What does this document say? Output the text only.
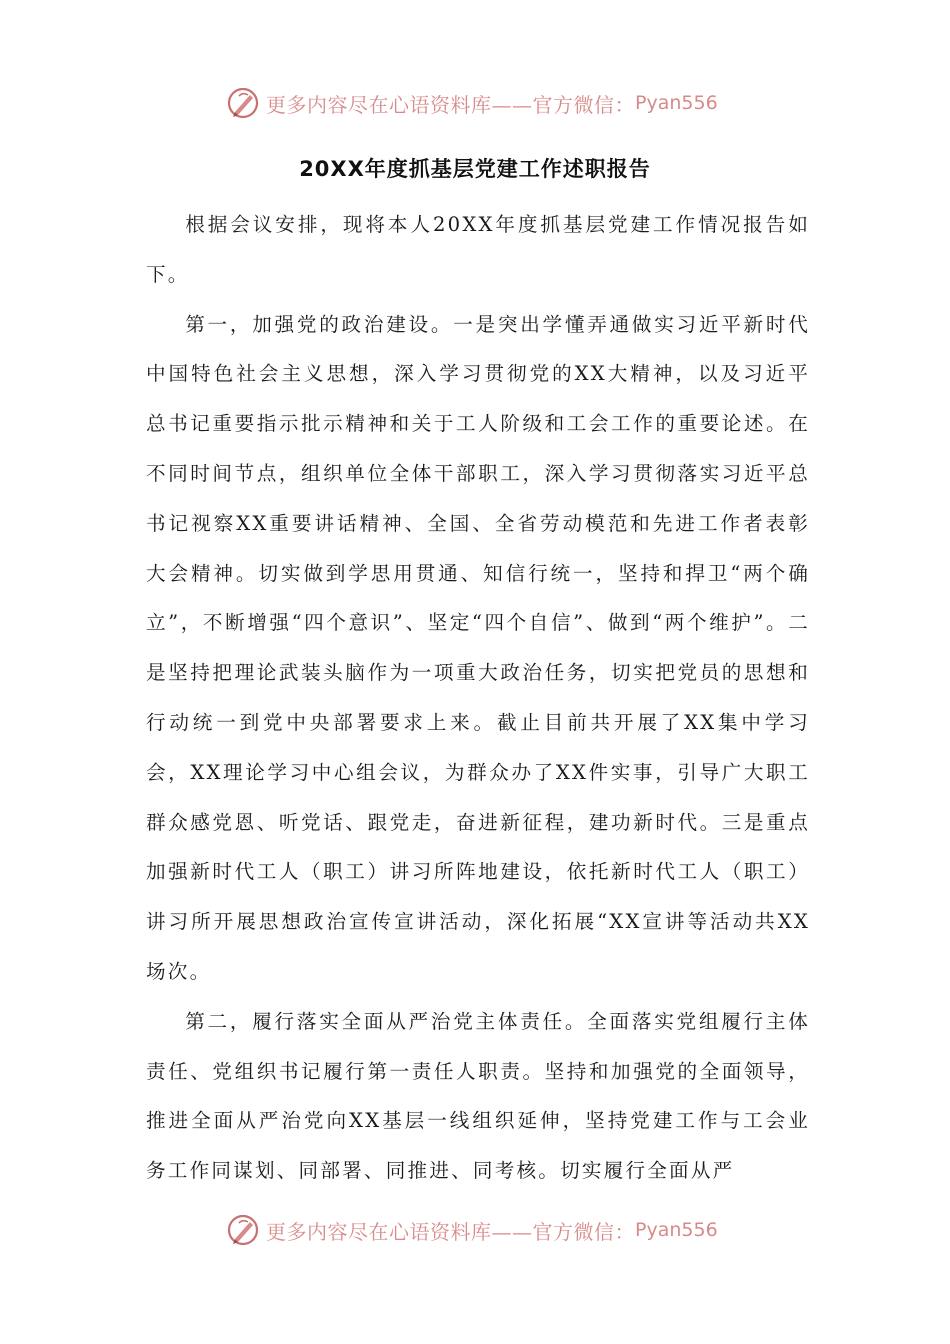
更多内容尽在心语资料库——官方微信： Pyan556
20XX年度抓基层党建工作述职报告

根据会议安排，现将本人20XX年度抓基层党建工作情况报告如下。

第一，加强党的政治建设。一是突出学懂弄通做实习近平新时代中国特色社会主义思想，深入学习贯彻党的XX大精神，以及习近平总书记重要指示批示精神和关于工人阶级和工会工作的重要论述。在不同时间节点，组织单位全体干部职工，深入学习贯彻落实习近平总书记视察XX重要讲话精神、全国、全省劳动模范和先进工作者表彰大会精神。切实做到学思用贯通、知信行统一，坚持和捍卫“两个确立”，不断增强“四个意识”、坚定“四个自信”、做到“两个维护”。二是坚持把理论武装头脑作为一项重大政治任务，切实把党员的思想和行动统一到党中央部署要求上来。截止目前共开展了XX集中学习会，XX理论学习中心组会议，为群众办了XX件实事，引导广大职工群众感党恩、听党话、跟党走，奋进新征程，建功新时代。三是重点加强新时代工人（职工）讲习所阵地建设，依托新时代工人（职工）讲习所开展思想政治宣传宣讲活动，深化拓展“XX宣讲等活动共XX场次。

第二，履行落实全面从严治党主体责任。全面落实党组履行主体责任、党组织书记履行第一责任人职责。坚持和加强党的全面领导，推进全面从严治党向XX基层一线组织延伸，坚持党建工作与工会业务工作同谋划、同部署、同推进、同考核。切实履行全面从严

更多内容尽在心语资料库——官方微信： Pyan556
